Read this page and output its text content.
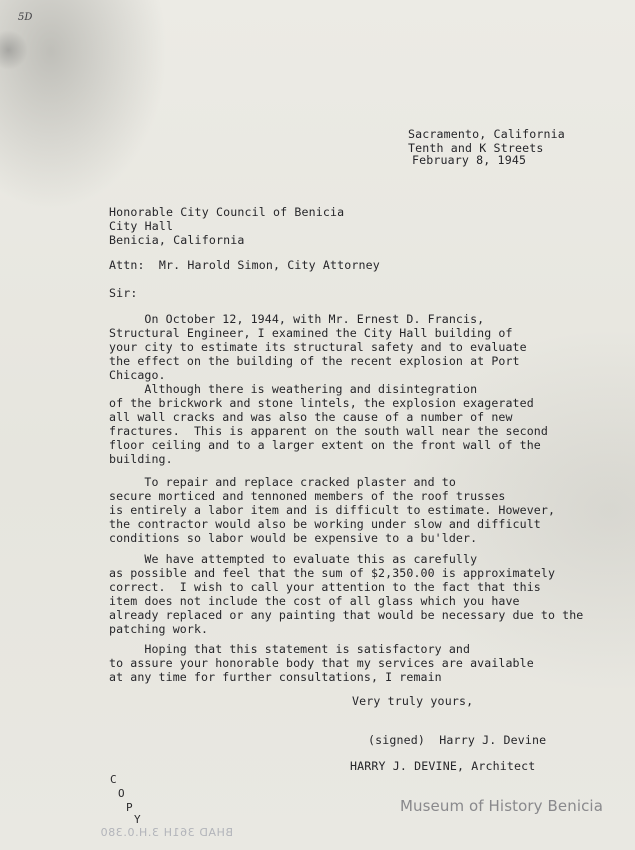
5D
Sacramento, California
Tenth and K Streets
February 8, 1945
Honorable City Council of Benicia
City Hall
Benicia, California
Attn:  Mr. Harold Simon, City Attorney
Sir:
On October 12, 1944, with Mr. Ernest D. Francis,
Structural Engineer, I examined the City Hall building of
your city to estimate its structural safety and to evaluate
the effect on the building of the recent explosion at Port
Chicago.
Although there is weathering and disintegration
of the brickwork and stone lintels, the explosion exagerated
all wall cracks and was also the cause of a number of new
fractures.  This is apparent on the south wall near the second
floor ceiling and to a larger extent on the front wall of the
building.
To repair and replace cracked plaster and to
secure morticed and tennoned members of the roof trusses
is entirely a labor item and is difficult to estimate. However,
the contractor would also be working under slow and difficult
conditions so labor would be expensive to a bu'lder.
We have attempted to evaluate this as carefully
as possible and feel that the sum of $2,350.00 is approximately
correct.  I wish to call your attention to the fact that this
item does not include the cost of all glass which you have
already replaced or any painting that would be necessary due to the
patching work.
Hoping that this statement is satisfactory and
to assure your honorable body that my services are available
at any time for further consultations, I remain
Very truly yours,
(signed)  Harry J. Devine
HARRY J. DEVINE, Architect
C
O
P
Y
BHAD 361H 3.H.0.380
Museum of History Benicia
